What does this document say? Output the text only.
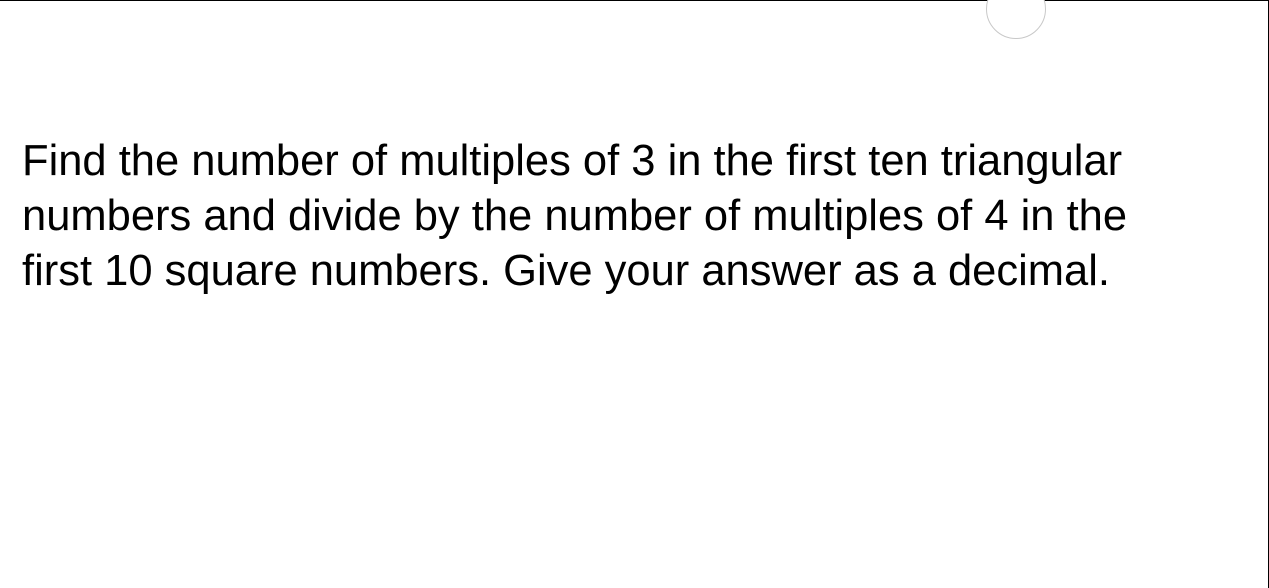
Find the number of multiples of 3 in the first ten triangular
numbers and divide by the number of multiples of 4 in the
first 10 square numbers. Give your answer as a decimal.
